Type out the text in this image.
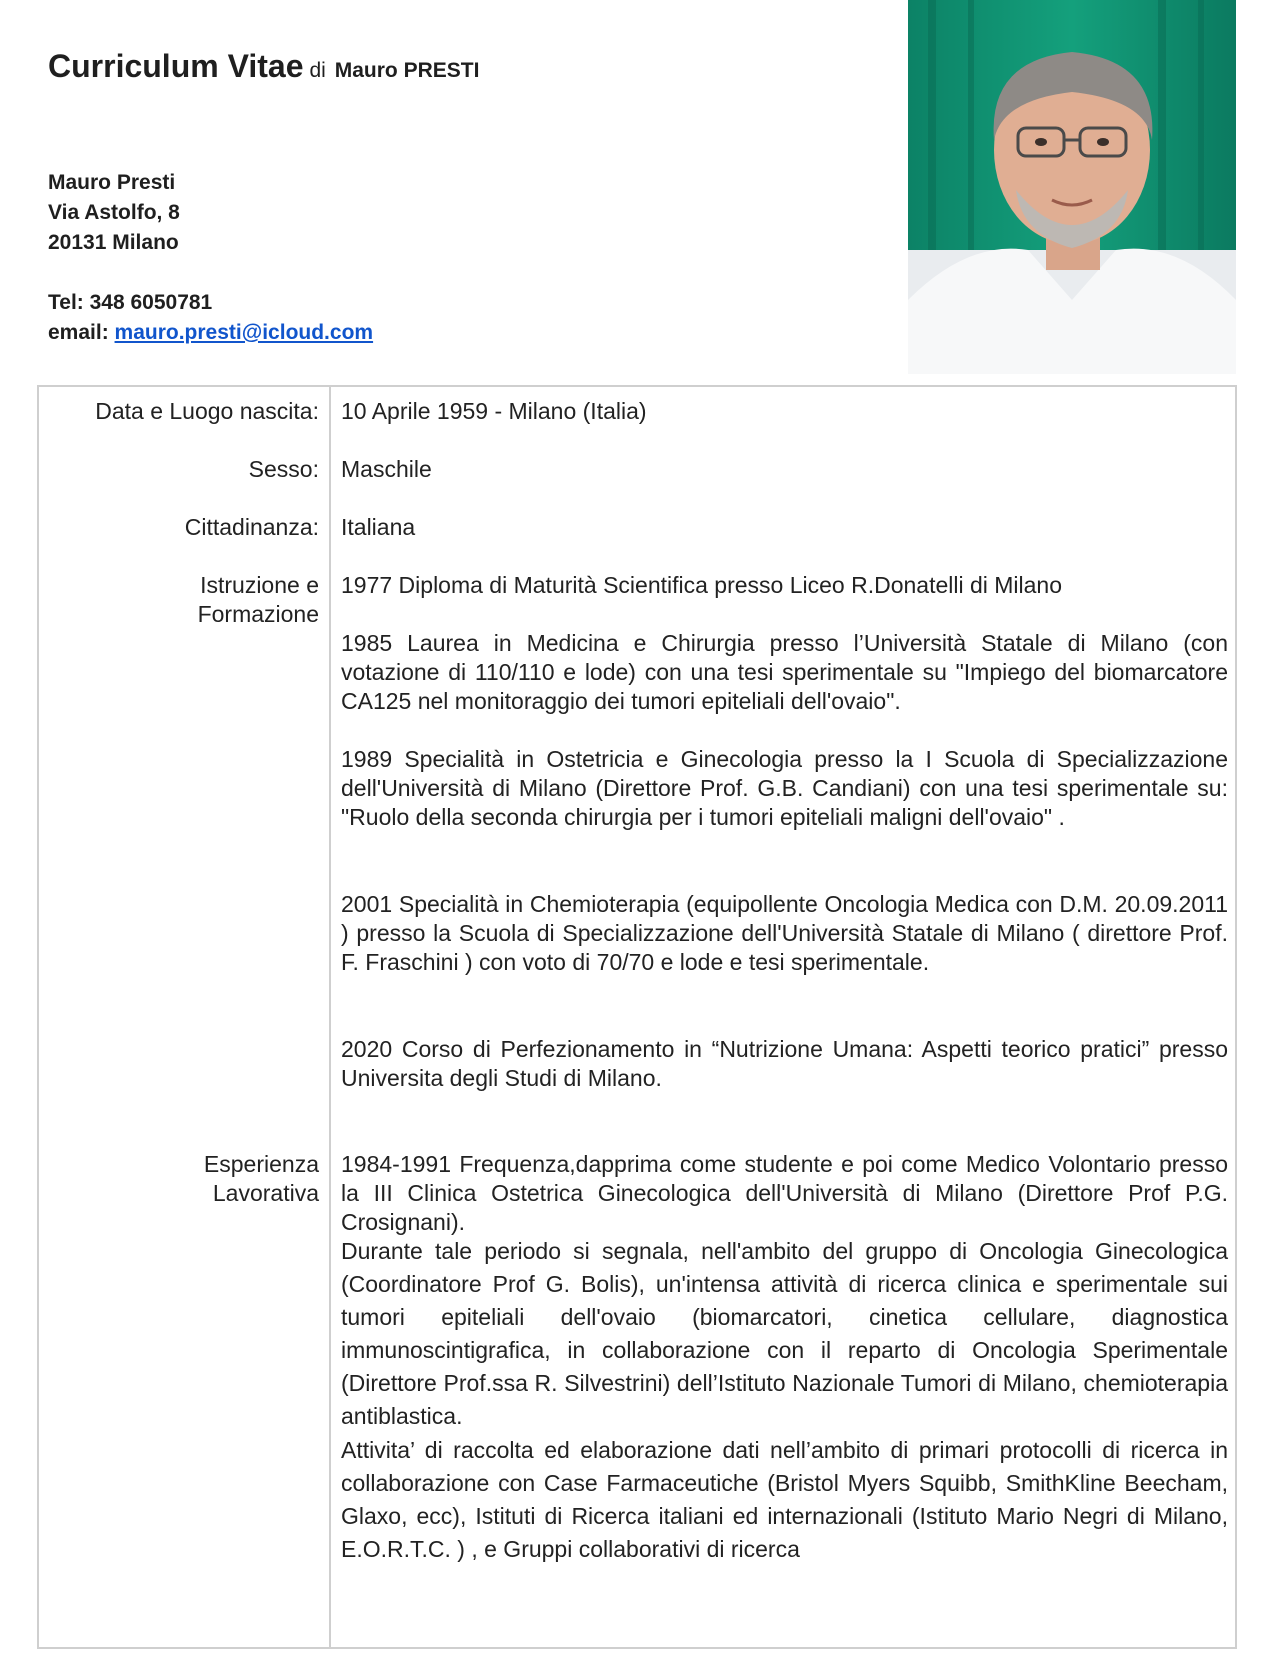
Curriculum Vitae di Mauro PRESTI
Mauro Presti
Via Astolfo, 8
20131 Milano
Tel: 348 6050781
email: mauro.presti@icloud.com
Data e Luogo nascita: 10 Aprile 1959 - Milano (Italia)
Sesso: Maschile
Cittadinanza: Italiana
Istruzione e
Formazione
1977 Diploma di Maturità Scientifica presso Liceo R.Donatelli di Milano
1985 Laurea in Medicina e Chirurgia presso l’Università Statale di Milano (con votazione di 110/110 e lode) con una tesi sperimentale su "Impiego del biomarcatore CA125 nel monitoraggio dei tumori epiteliali dell'ovaio".
1989 Specialità in Ostetricia e Ginecologia presso la I Scuola di Specializzazione dell'Università di Milano (Direttore Prof. G.B. Candiani) con una tesi sperimentale su: "Ruolo della seconda chirurgia per i tumori epiteliali maligni dell'ovaio" .
2001 Specialità in Chemioterapia (equipollente Oncologia Medica con D.M. 20.09.2011 ) presso la Scuola di Specializzazione dell'Università Statale di Milano ( direttore Prof. F. Fraschini ) con voto di 70/70 e lode e tesi sperimentale.
2020 Corso di Perfezionamento in “Nutrizione Umana: Aspetti teorico pratici” presso Universita degli Studi di Milano.
Esperienza
Lavorativa
1984-1991 Frequenza,dapprima come studente e poi come Medico Volontario presso la III Clinica Ostetrica Ginecologica dell'Università di Milano (Direttore Prof P.G. Crosignani).
Durante tale periodo si segnala, nell'ambito del gruppo di Oncologia Ginecologica (Coordinatore Prof G. Bolis), un'intensa attività di ricerca clinica e sperimentale sui tumori epiteliali dell'ovaio (biomarcatori, cinetica cellulare, diagnostica immunoscintigrafica, in collaborazione con il reparto di Oncologia Sperimentale (Direttore Prof.ssa R. Silvestrini) dell’Istituto Nazionale Tumori di Milano, chemioterapia antiblastica.
Attivita’ di raccolta ed elaborazione dati nell’ambito di primari protocolli di ricerca in collaborazione con Case Farmaceutiche (Bristol Myers Squibb, SmithKline Beecham, Glaxo, ecc), Istituti di Ricerca italiani ed internazionali (Istituto Mario Negri di Milano, E.O.R.T.C. ) , e Gruppi collaborativi di ricerca
